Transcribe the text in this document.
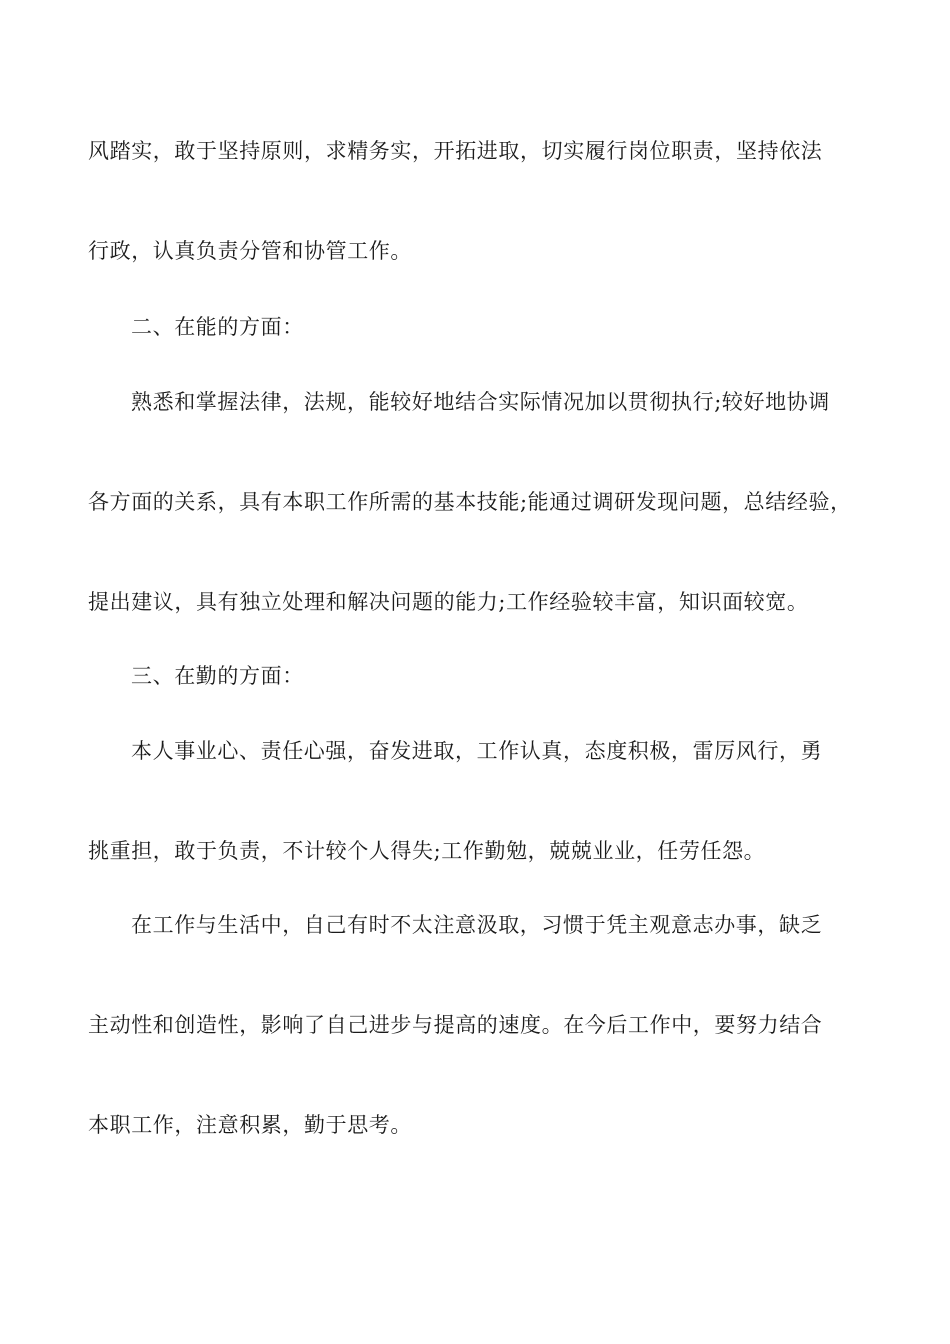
风踏实，敢于坚持原则，求精务实，开拓进取，切实履行岗位职责，坚持依法
行政，认真负责分管和协管工作。
二、在能的方面：
熟悉和掌握法律，法规，能较好地结合实际情况加以贯彻执行;较好地协调
各方面的关系，具有本职工作所需的基本技能;能通过调研发现问题，总结经验，
提出建议，具有独立处理和解决问题的能力;工作经验较丰富，知识面较宽。
三、在勤的方面：
本人事业心、责任心强，奋发进取，工作认真，态度积极，雷厉风行，勇
挑重担，敢于负责，不计较个人得失;工作勤勉，兢兢业业，任劳任怨。
在工作与生活中，自己有时不太注意汲取，习惯于凭主观意志办事，缺乏
主动性和创造性，影响了自己进步与提高的速度。在今后工作中，要努力结合
本职工作，注意积累，勤于思考。
